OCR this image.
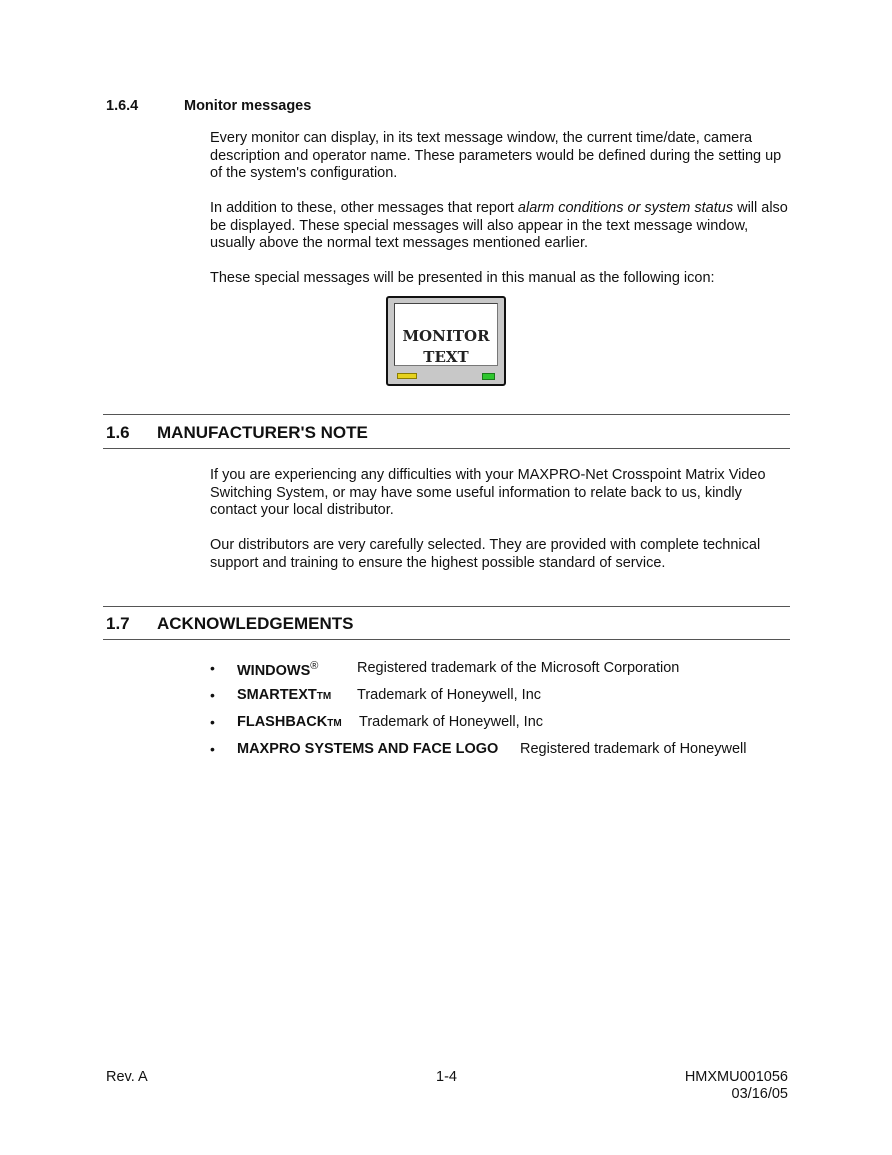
1.6.4	Monitor messages

Every monitor can display, in its text message window, the current time/date, camera description and operator name. These parameters would be defined during the setting up of the system's configuration.

In addition to these, other messages that report alarm conditions or system status will also be displayed. These special messages will also appear in the text message window, usually above the normal text messages mentioned earlier.

These special messages will be presented in this manual as the following icon:

MONITOR
TEXT
1.6 MANUFACTURER'S NOTE

If you are experiencing any difficulties with your MAXPRO-Net Crosspoint Matrix Video Switching System, or may have some useful information to relate back to us, kindly contact your local distributor.

Our distributors are very carefully selected. They are provided with complete technical support and training to ensure the highest possible standard of service.

1.7 ACKNOWLEDGEMENTS
• WINDOWS®	Registered trademark of the Microsoft Corporation
• SMARTEXTTM Trademark of Honeywell, Inc
• FLASHBACKTM Trademark of Honeywell, Inc
• MAXPRO SYSTEMS AND FACE LOGO Registered trademark of Honeywell
Rev. A	1-4	HMXMU001056
03/16/05
